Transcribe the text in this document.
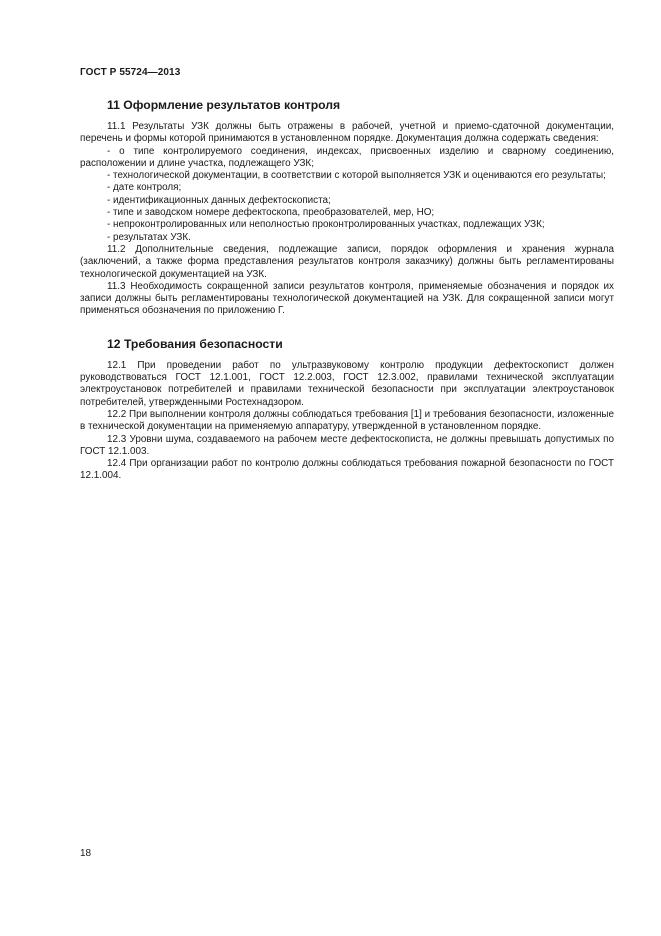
ГОСТ Р 55724—2013
11 Оформление результатов контроля

11.1 Результаты УЗК должны быть отражены в рабочей, учетной и приемо-сдаточной документации, перечень и формы которой принимаются в установленном порядке. Документация должна содержать сведения:

- о типе контролируемого соединения, индексах, присвоенных изделию и сварному соединению, расположении и длине участка, подлежащего УЗК;

- технологической документации, в соответствии с которой выполняется УЗК и оцениваются его результаты;

- дате контроля;

- идентификационных данных дефектоскописта;

- типе и заводском номере дефектоскопа, преобразователей, мер, НО;

- непроконтролированных или неполностью проконтролированных участках, подлежащих УЗК;

- результатах УЗК.

11.2 Дополнительные сведения, подлежащие записи, порядок оформления и хранения журнала (заключений, а также форма представления результатов контроля заказчику) должны быть регламентированы технологической документацией на УЗК.

11.3 Необходимость сокращенной записи результатов контроля, применяемые обозначения и порядок их записи должны быть регламентированы технологической документацией на УЗК. Для сокращенной записи могут применяться обозначения по приложению Г.

12 Требования безопасности

12.1 При проведении работ по ультразвуковому контролю продукции дефектоскопист должен руководствоваться ГОСТ 12.1.001, ГОСТ 12.2.003, ГОСТ 12.3.002, правилами технической эксплуатации электроустановок потребителей и правилами технической безопасности при эксплуатации электроустановок потребителей, утвержденными Ростехнадзором.

12.2 При выполнении контроля должны соблюдаться требования [1] и требования безопасности, изложенные в технической документации на применяемую аппаратуру, утвержденной в установленном порядке.

12.3 Уровни шума, создаваемого на рабочем месте дефектоскописта, не должны превышать допустимых по ГОСТ 12.1.003.

12.4 При организации работ по контролю должны соблюдаться требования пожарной безопасности по ГОСТ 12.1.004.

18
